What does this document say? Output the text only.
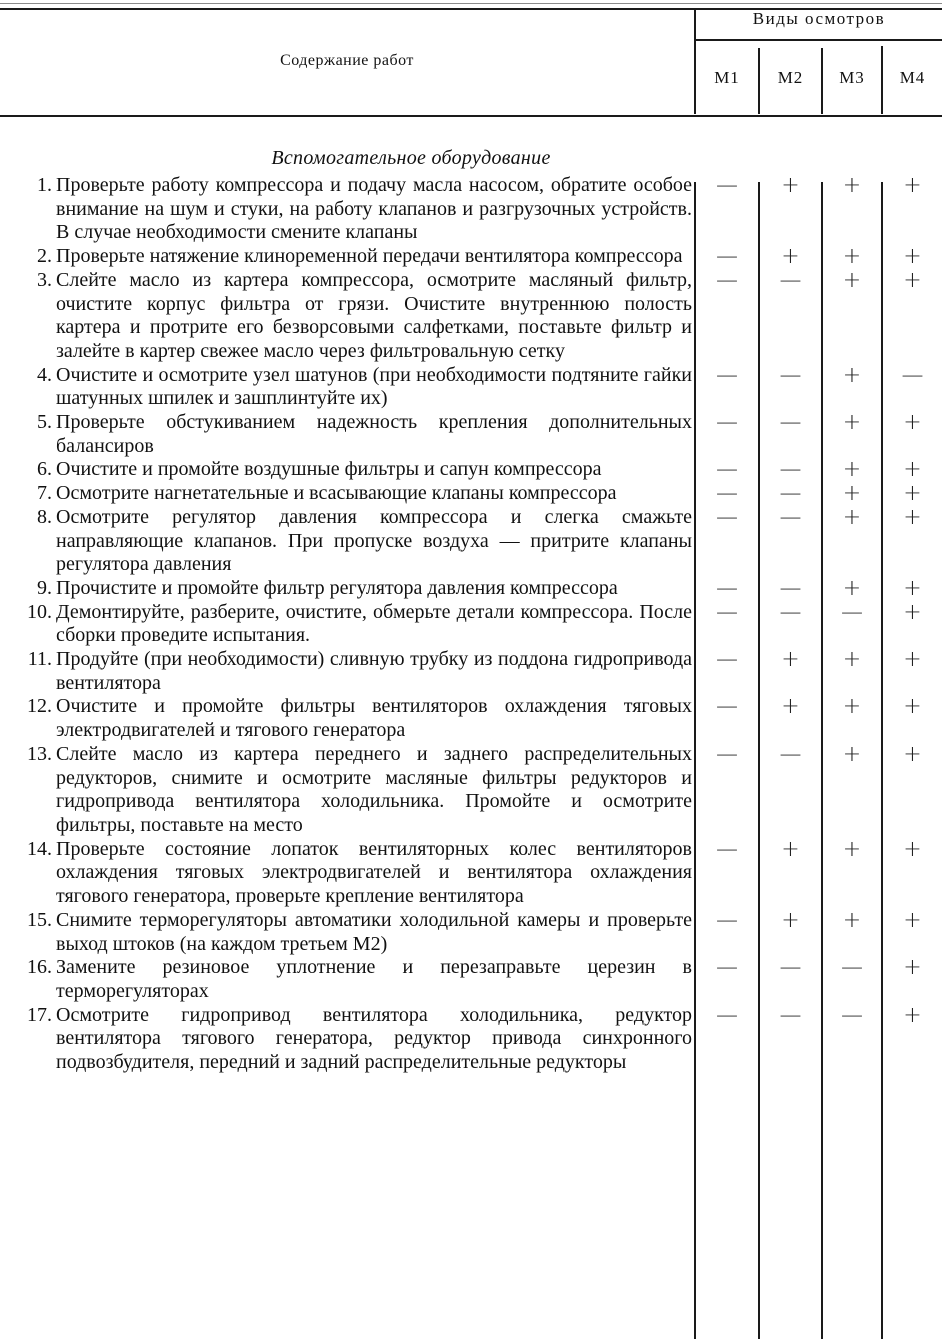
Содержание работ
Виды осмотров
М1	М2	М3	М4
Вспомогательное оборудование
1. Проверьте работу компрессора и подачу масла насосом, обратите особое внимание на шум и стуки, на работу клапанов и разгрузочных устройств. В случае необходимости смените клапаны
—	+	+	+
2. Проверьте натяжение клиноременной передачи вентилятора компрессора	—	+	+	+
3. Слейте масло из картера компрессора, осмотрите масляный фильтр, очистите корпус фильтра от грязи. Очистите внутреннюю полость картера и протрите его безворсовыми салфетками, поставьте фильтр и залейте в картер свежее масло через фильтровальную сетку
—	—	+	+
4. Очистите и осмотрите узел шатунов (при необходимости подтяните гайки шатунных шпилек и зашплинтуйте их)
—	—	+	—
5. Проверьте обстукиванием надежность крепления дополнительных балансиров
—	—	+	+
6. Очистите и промойте воздушные фильтры и сапун компрессора	—	—	+	+
7. Осмотрите нагнетательные и всасывающие клапаны компрессора	—	—	+	+
8. Осмотрите регулятор давления компрессора и слегка смажьте направляющие клапанов. При пропуске воздуха — притрите клапаны регулятора давления
—	—	+	+
9. Прочистите и промойте фильтр регулятора давления компрессора	—	—	+	+
10. Демонтируйте, разберите, очистите, обмерьте детали компрессора. После сборки проведите испытания.
—	—	—	+
11. Продуйте (при необходимости) сливную трубку из поддона гидропривода вентилятора
—	+	+	+
12. Очистите и промойте фильтры вентиляторов охлаждения тяговых электродвигателей и тягового генератора
—	+	+	+
13. Слейте масло из картера переднего и заднего распределительных редукторов, снимите и осмотрите масляные фильтры редукторов и гидропривода вентилятора холодильника. Промойте и осмотрите фильтры, поставьте на место
—	—	+	+
14. Проверьте состояние лопаток вентиляторных колес вентиляторов охлаждения тяговых электродвигателей и вентилятора охлаждения тягового генератора, проверьте крепление вентилятора
—	+	+	+
15. Снимите терморегуляторы автоматики холодильной камеры и проверьте выход штоков (на каждом третьем М2)
—	+	+	+
16. Замените резиновое уплотнение и перезаправьте церезин в терморегуляторах
—	—	—	+
17. Осмотрите гидропривод вентилятора холодильника, редуктор вентилятора тягового генератора, редуктор привода синхронного подвозбудителя, передний и задний распределительные редукторы
—	—	—	+
